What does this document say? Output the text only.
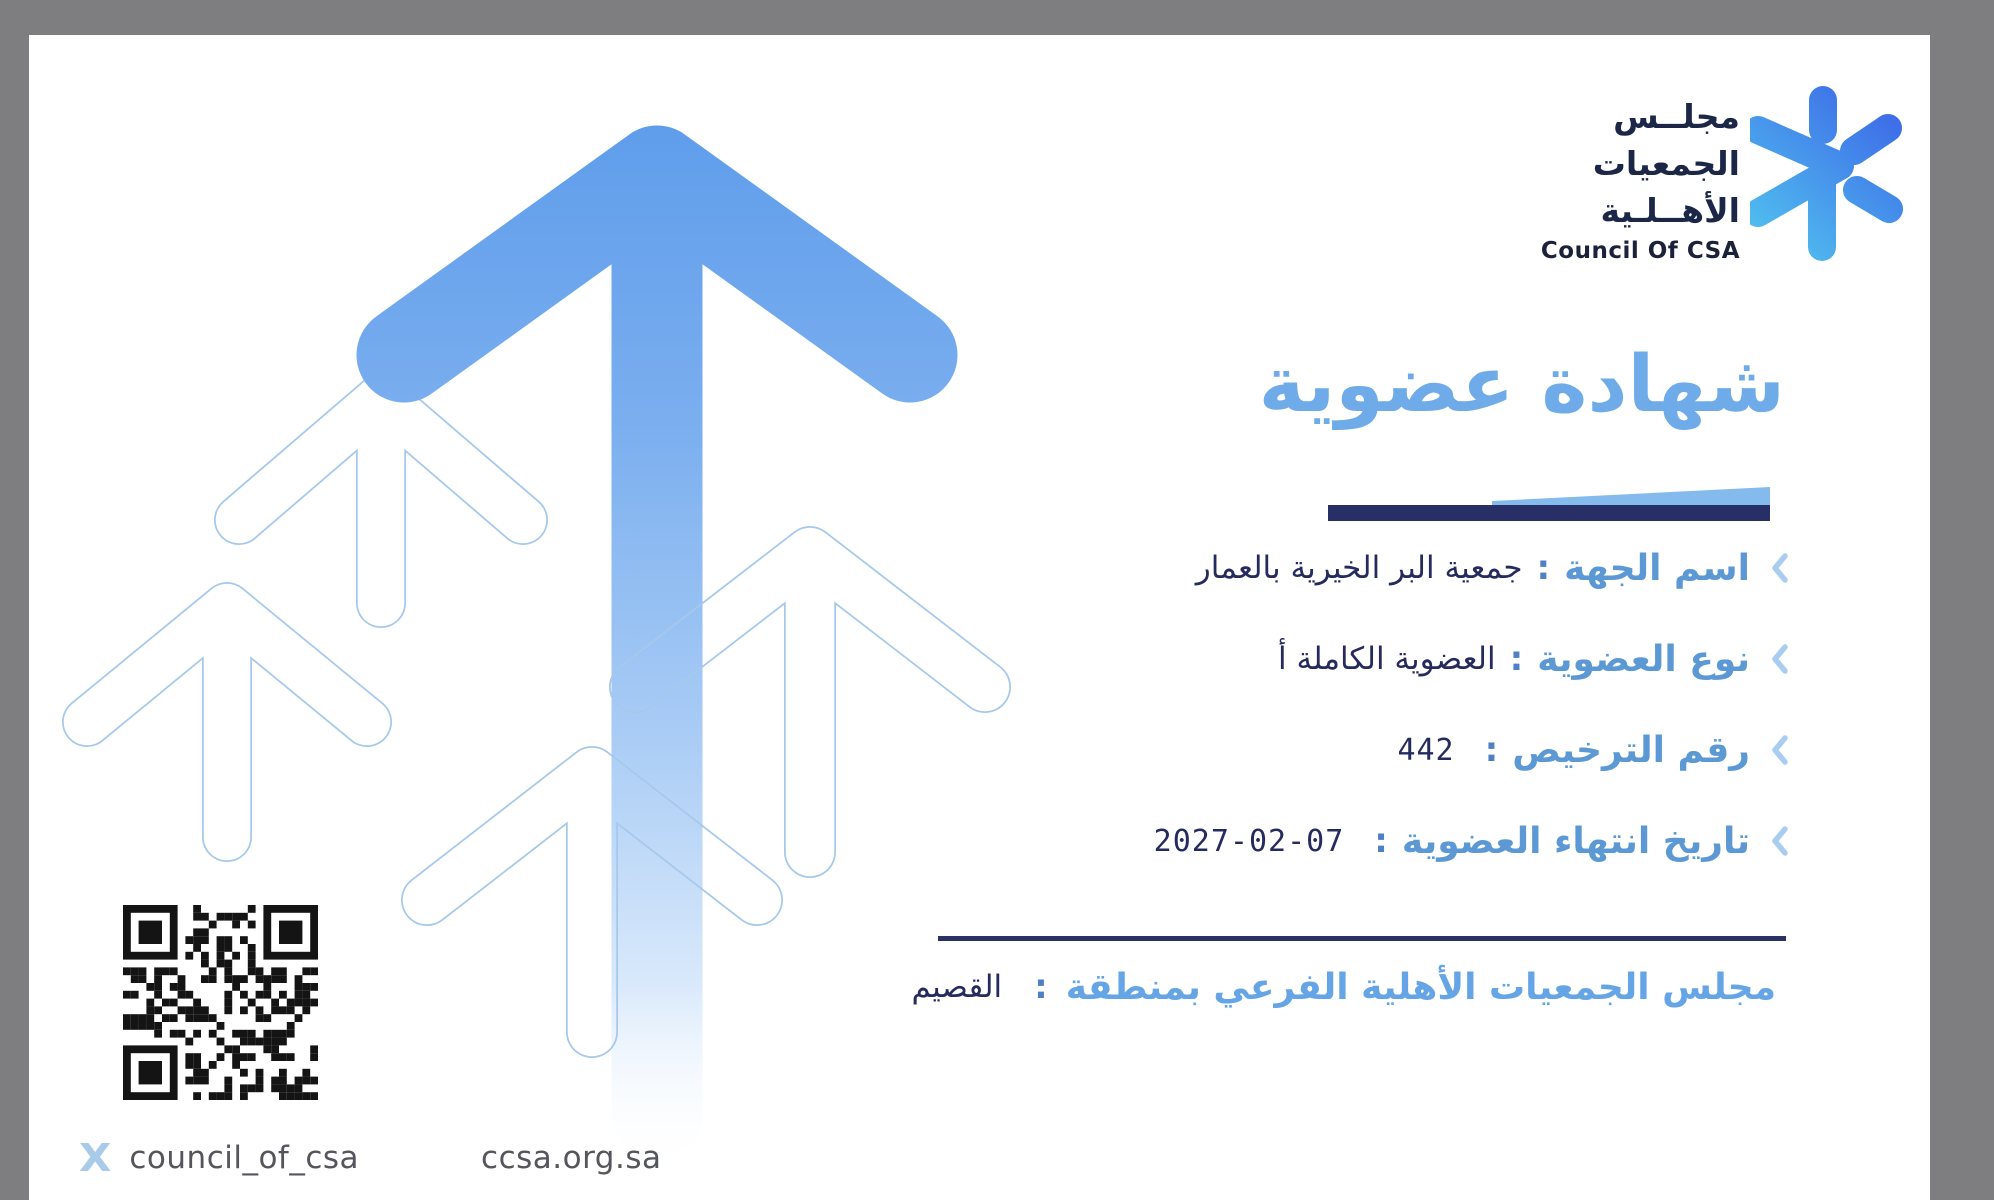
مجلــس
الجمعيات
الأهــلـية
Council Of CSA
شهادة عضوية
اسم الجهة
:
جمعية البر الخيرية بالعمار
نوع العضوية
:
العضوية الكاملة أ
رقم الترخيص
:
442
تاريخ انتهاء العضوية
:
2027-02-07
مجلس الجمعيات الأهلية الفرعي بمنطقة
:
القصيم
X council_of_csa	ccsa.org.sa
